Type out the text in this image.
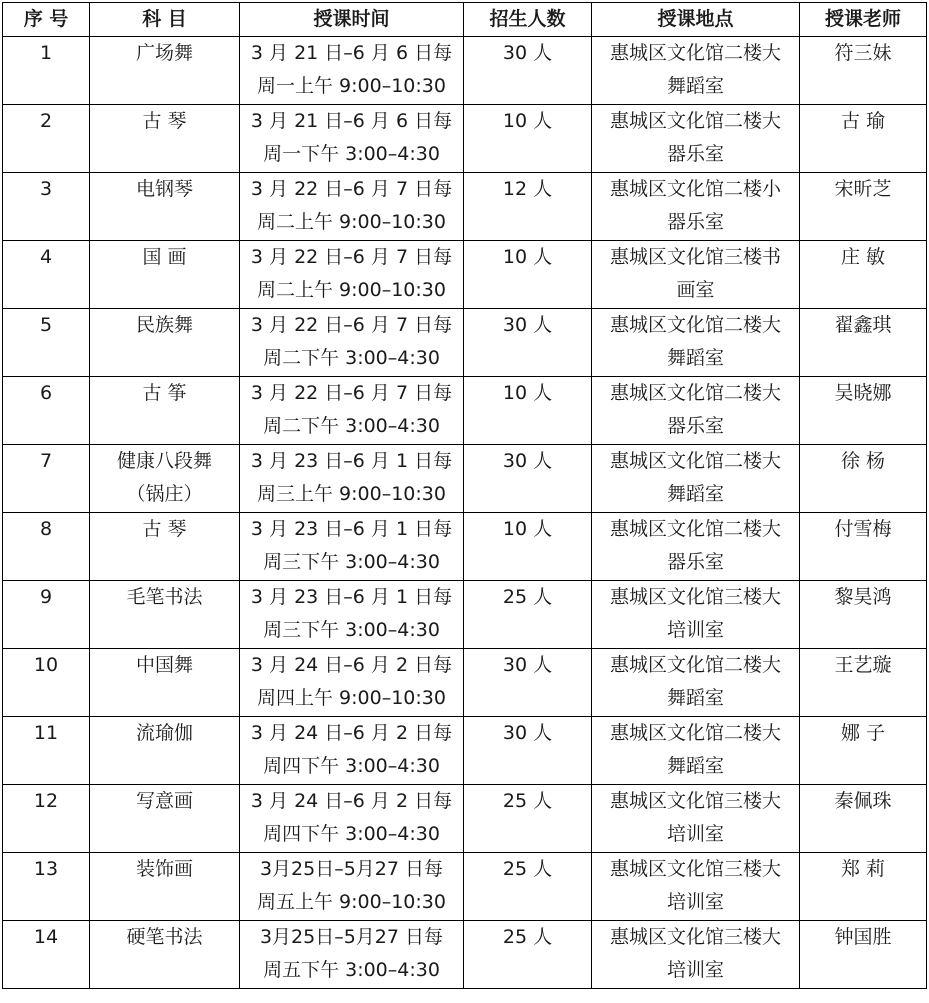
序 号	科 目	授课时间	招生人数	授课地点	授课老师

1	广场舞	3 月 21 日–6 月 6 日每
周一上午 9:00–10:30	30 人	惠城区文化馆二楼大
舞蹈室	符三妹

2	古 琴	3 月 21 日–6 月 6 日每
周一下午 3:00–4:30	10 人	惠城区文化馆二楼大
器乐室	古 瑜

3	电钢琴	3 月 22 日–6 月 7 日每
周二上午 9:00–10:30	12 人	惠城区文化馆二楼小
器乐室	宋昕芝

4	国 画	3 月 22 日–6 月 7 日每
周二上午 9:00–10:30	10 人	惠城区文化馆三楼书
画室	庄 敏

5	民族舞	3 月 22 日–6 月 7 日每
周二下午 3:00–4:30	30 人	惠城区文化馆二楼大
舞蹈室	翟鑫琪

6	古 筝	3 月 22 日–6 月 7 日每
周二下午 3:00–4:30	10 人	惠城区文化馆二楼大
器乐室	吴晓娜

7	健康八段舞
（锅庄）	3 月 23 日–6 月 1 日每
周三上午 9:00–10:30	30 人	惠城区文化馆二楼大
舞蹈室	徐 杨

8	古 琴	3 月 23 日–6 月 1 日每
周三下午 3:00–4:30	10 人	惠城区文化馆二楼大
器乐室	付雪梅

9	毛笔书法	3 月 23 日–6 月 1 日每
周三下午 3:00–4:30	25 人	惠城区文化馆三楼大
培训室	黎昊鸿

10	中国舞	3 月 24 日–6 月 2 日每
周四上午 9:00–10:30	30 人	惠城区文化馆二楼大
舞蹈室	王艺璇

11	流瑜伽	3 月 24 日–6 月 2 日每
周四下午 3:00–4:30	30 人	惠城区文化馆二楼大
舞蹈室	娜 子

12	写意画	3 月 24 日–6 月 2 日每
周四下午 3:00–4:30	25 人	惠城区文化馆三楼大
培训室	秦佩珠

13	装饰画	3月25日–5月27 日每
周五上午 9:00–10:30	25 人	惠城区文化馆三楼大
培训室	郑 莉

14	硬笔书法	3月25日–5月27 日每
周五下午 3:00–4:30	25 人	惠城区文化馆三楼大
培训室	钟国胜
